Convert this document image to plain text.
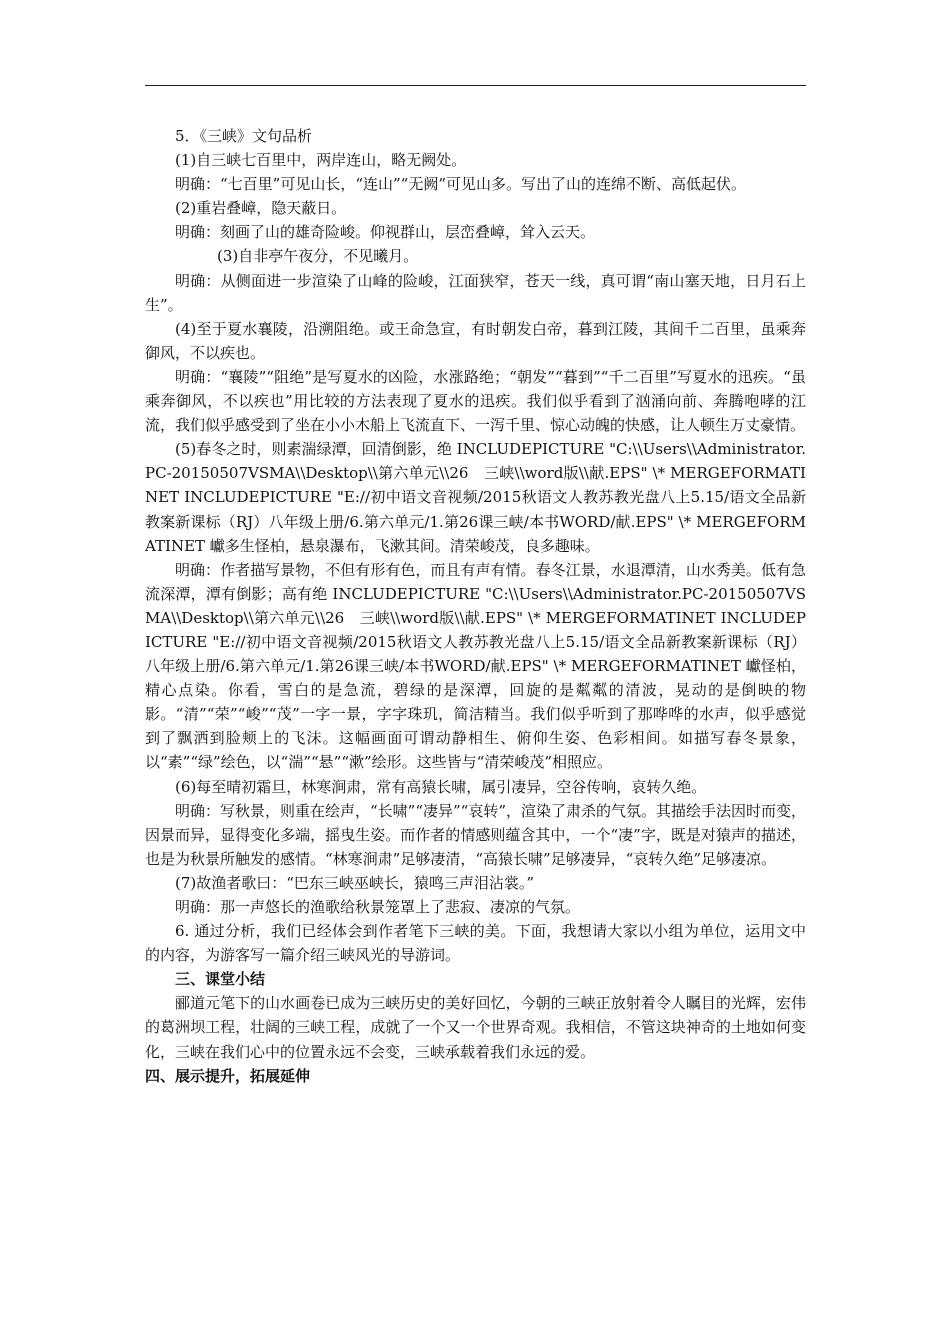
5．《三峡》文句品析

(1)自三峡七百里中，两岸连山，略无阙处。

明确：“七百里”可见山长，“连山”“无阙”可见山多。写出了山的连绵不断、高低起伏。

(2)重岩叠嶂，隐天蔽日。

明确：刻画了山的雄奇险峻。仰视群山，层峦叠嶂，耸入云天。

(3)自非亭午夜分，不见曦月。

明确：从侧面进一步渲染了山峰的险峻，江面狭窄，苍天一线，真可谓“南山塞天地，日月石上生”。

(4)至于夏水襄陵，沿溯阻绝。或王命急宣，有时朝发白帝，暮到江陵，其间千二百里，虽乘奔御风，不以疾也。

明确：“襄陵”“阻绝”是写夏水的凶险，水涨路绝；“朝发”“暮到”“千二百里”写夏水的迅疾。“虽乘奔御风，不以疾也”用比较的方法表现了夏水的迅疾。我们似乎看到了汹涌向前、奔腾咆哮的江流，我们似乎感受到了坐在小小木船上飞流直下、一泻千里、惊心动魄的快感，让人顿生万丈豪情。

(5)春冬之时，则素湍绿潭，回清倒影，绝 INCLUDEPICTURE "C:\\Users\\Administrator.PC-20150507VSMA\\Desktop\\第六单元\\26　三峡\\word版\\献.EPS" \* MERGEFORMATINET INCLUDEPICTURE "E://初中语文音视频/2015秋语文人教苏教光盘八上5.15/语文全品新教案新课标（RJ）八年级上册/6.第六单元/1.第26课三峡/本书WORD/献.EPS" \* MERGEFORMATINET 巘多生怪柏，悬泉瀑布，飞漱其间。清荣峻茂，良多趣味。

明确：作者描写景物，不但有形有色，而且有声有情。春冬江景，水退潭清，山水秀美。低有急流深潭，潭有倒影；高有绝 INCLUDEPICTURE "C:\\Users\\Administrator.PC-20150507VSMA\\Desktop\\第六单元\\26　三峡\\word版\\献.EPS" \* MERGEFORMATINET INCLUDEPICTURE "E://初中语文音视频/2015秋语文人教苏教光盘八上5.15/语文全品新教案新课标（RJ）八年级上册/6.第六单元/1.第26课三峡/本书WORD/献.EPS" \* MERGEFORMATINET 巘怪柏，精心点染。你看，雪白的是急流，碧绿的是深潭，回旋的是粼粼的清波，晃动的是倒映的物影。“清”“荣”“峻”“茂”一字一景，字字珠玑，简洁精当。我们似乎听到了那哗哗的水声，似乎感觉到了飘洒到脸颊上的飞沫。这幅画面可谓动静相生、俯仰生姿、色彩相间。如描写春冬景象，以“素”“绿”绘色，以“湍”“悬”“漱”绘形。这些皆与“清荣峻茂”相照应。

(6)每至晴初霜旦，林寒涧肃，常有高猿长啸，属引凄异，空谷传响，哀转久绝。

明确：写秋景，则重在绘声，“长啸”“凄异”“哀转”，渲染了肃杀的气氛。其描绘手法因时而变，因景而异，显得变化多端，摇曳生姿。而作者的情感则蕴含其中，一个“凄”字，既是对猿声的描述，也是为秋景所触发的感情。“林寒涧肃”足够凄清，“高猿长啸”足够凄异，“哀转久绝”足够凄凉。

(7)故渔者歌曰：“巴东三峡巫峡长，猿鸣三声泪沾裳。”

明确：那一声悠长的渔歌给秋景笼罩上了悲寂、凄凉的气氛。

6. 通过分析，我们已经体会到作者笔下三峡的美。下面，我想请大家以小组为单位，运用文中的内容，为游客写一篇介绍三峡风光的导游词。

三、课堂小结

郦道元笔下的山水画卷已成为三峡历史的美好回忆，今朝的三峡正放射着令人瞩目的光辉，宏伟的葛洲坝工程，壮阔的三峡工程，成就了一个又一个世界奇观。我相信，不管这块神奇的土地如何变化，三峡在我们心中的位置永远不会变，三峡承载着我们永远的爱。

四、展示提升，拓展延伸
